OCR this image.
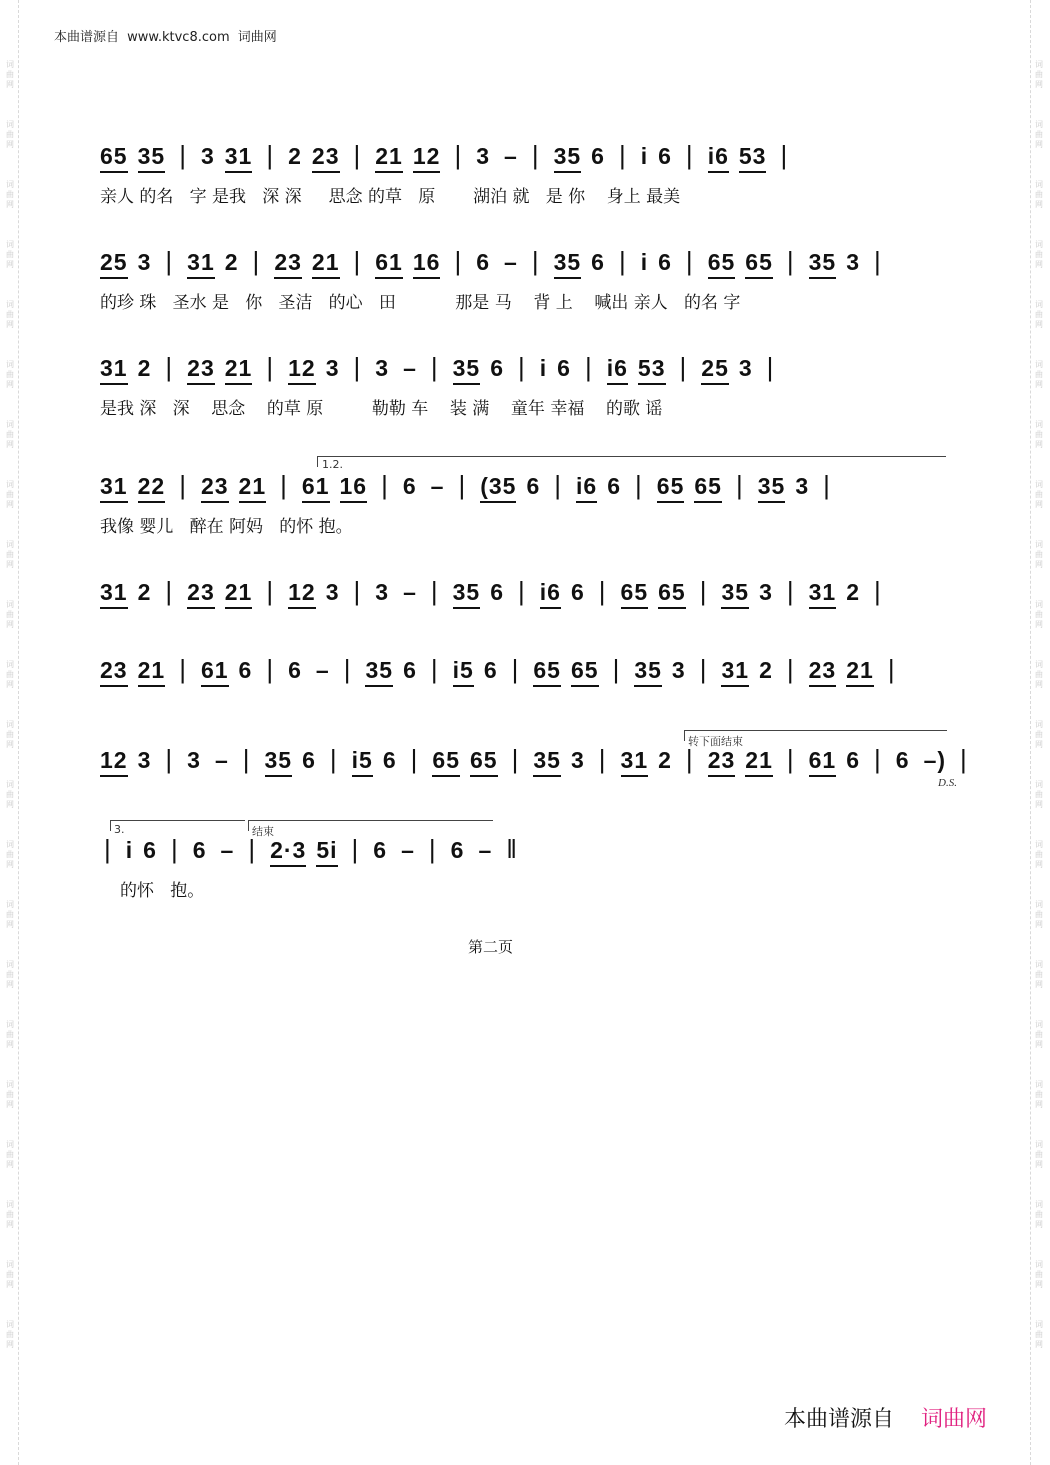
词
曲
网
词
曲
网
词
曲
网
词
曲
网
词
曲
网
词
曲
网
词
曲
网
词
曲
网
词
曲
网
词
曲
网
词
曲
网
词
曲
网
词
曲
网
词
曲
网
词
曲
网
词
曲
网
词
曲
网
词
曲
网
词
曲
网
词
曲
网
词
曲
网
词
曲
网
词
曲
网
词
曲
网
词
曲
网
词
曲
网
词
曲
网
词
曲
网
词
曲
网
词
曲
网
词
曲
网
词
曲
网
词
曲
网
词
曲
网
词
曲
网
词
曲
网
词
曲
网
词
曲
网
词
曲
网
词
曲
网
词
曲
网
词
曲
网
词
曲
网
词
曲
网
本曲谱源自 www.ktvc8.com 词曲网
1.2.
转下面结束
D.S.
3.	结束
65 35 | 3 31 | 2 23 | 21 12 | 3 – | 35 6 | i 6 | i6 53 |
亲人 的名   字 是我   深 深     思念 的草   原       湖泊 就   是 你    身上 最美
25 3 | 31 2 | 23 21 | 61 16 | 6 – | 35 6 | i 6 | 65 65 | 35 3 |
的珍 珠   圣水 是   你   圣洁   的心   田           那是 马    背 上    喊出 亲人   的名 字
31 2 | 23 21 | 12 3 | 3 – | 35 6 | i 6 | i6 53 | 25 3 |
是我 深   深    思念    的草 原         勒勒 车    装 满    童年 幸福    的歌 谣
31 22 | 23 21 | 61 16 | 6 – | (35 6 | i6 6 | 65 65 | 35 3 |
我像 婴儿   醉在 阿妈   的怀 抱。
31 2 | 23 21 | 12 3 | 3 – | 35 6 | i6 6 | 65 65 | 35 3 | 31 2 |
23 21 | 61 6 | 6 – | 35 6 | i5 6 | 65 65 | 35 3 | 31 2 | 23 21 |
12 3 | 3 – | 35 6 | i5 6 | 65 65 | 35 3 | 31 2 | 23 21 | 61 6 | 6 –) |
| i 6 | 6 – | 2·3 5i | 6 – | 6 – ‖
的怀   抱。
第二页
本曲谱源自 词曲网
